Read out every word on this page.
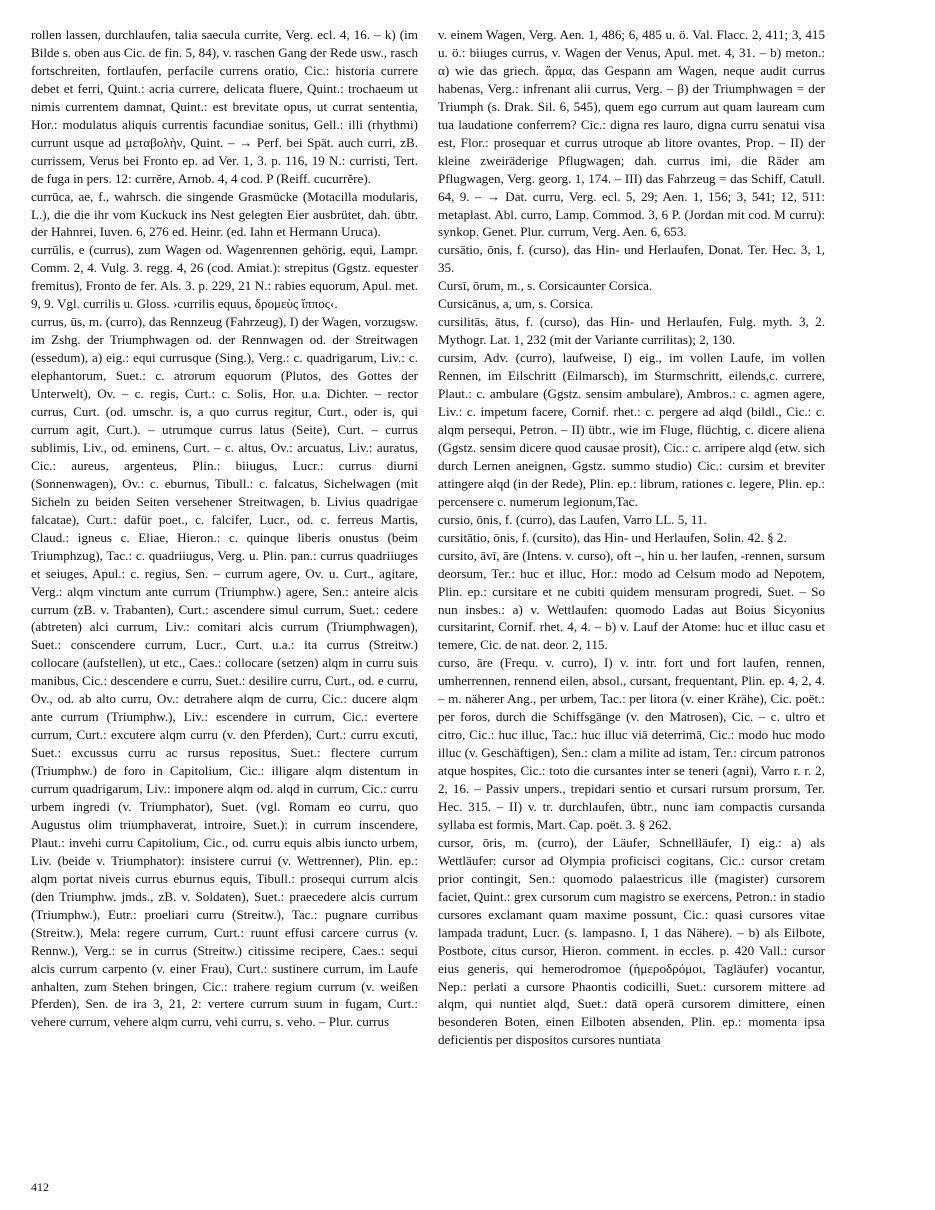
rollen lassen, durchlaufen, talia saecula currite, Verg. ecl. 4, 16. – k) (im Bilde s. oben aus Cic. de fin. 5, 84), v. raschen Gang der Rede usw., rasch fortschreiten, fortlaufen, perfacile currens oratio, Cic.: historia currere debet et ferri, Quint.: acria currere, delicata fluere, Quint.: trochaeum ut nimis currentem damnat, Quint.: est brevitate opus, ut currat sententia, Hor.: modulatus aliquis currentis facundiae sonitus, Gell.: illi (rhythmi) currunt usque ad μεταβολὴν, Quint. – → Perf. bei Spät. auch curri, zB. currissem, Verus bei Fronto ep. ad Ver. 1, 3. p. 116, 19 N.: curristi, Tert. de fuga in pers. 12: currĕre, Arnob. 4, 4 cod. P (Reiff. cucurrĕre).

currūca, ae, f., wahrsch. die singende Grasmücke (Motacilla modularis, L.), die die ihr vom Kuckuck ins Nest gelegten Eier ausbrütet, dah. übtr. der Hahnrei, Iuven. 6, 276 ed. Heinr. (ed. Iahn et Hermann Uruca).

currūlis, e (currus), zum Wagen od. Wagenrennen gehörig, equi, Lampr. Comm. 2, 4. Vulg. 3. regg. 4, 26 (cod. Amiat.): strepitus (Ggstz. equester fremitus), Fronto de fer. Als. 3. p. 229, 21 N.: rabies equorum, Apul. met. 9, 9. Vgl. currilis u. Gloss. ›currilis equus, δρομεὺς ἵππος‹.

currus, ūs, m. (curro), das Rennzeug (Fahrzeug), I) der Wagen, vorzugsw. im Zshg. der Triumphwagen od. der Rennwagen od. der Streitwagen (essedum), a) eig.: equi currusque (Sing.), Verg.: c. quadrigarum, Liv.: c. elephantorum, Suet.: c. atrorum equorum (Plutos, des Gottes der Unterwelt), Ov. – c. regis, Curt.: c. Solis, Hor. u.a. Dichter. – rector currus, Curt. (od. umschr. is, a quo currus regitur, Curt., oder is, qui currum agit, Curt.). – utrumque currus latus (Seite), Curt. – currus sublimis, Liv., od. eminens, Curt. – c. altus, Ov.: arcuatus, Liv.: auratus, Cic.: aureus, argenteus, Plin.: biiugus, Lucr.: currus diurni (Sonnenwagen), Ov.: c. eburnus, Tibull.: c. falcatus, Sichelwagen (mit Sicheln zu beiden Seiten versehener Streitwagen, b. Livius quadrigae falcatae), Curt.: dafür poet., c. falcifer, Lucr., od. c. ferreus Martis, Claud.: igneus c. Eliae, Hieron.: c. quinque liberis onustus (beim Triumphzug), Tac.: c. quadriiugus, Verg. u. Plin. pan.: currus quadriiuges et seiuges, Apul.: c. regius, Sen. – currum agere, Ov. u. Curt., agitare, Verg.: alqm vinctum ante currum (Triumphw.) agere, Sen.: anteire alcis currum (zB. v. Trabanten), Curt.: ascendere simul currum, Suet.: cedere (abtreten) alci currum, Liv.: comitari alcis currum (Triumphwagen), Suet.: conscendere currum, Lucr., Curt. u.a.: ita currus (Streitw.) collocare (aufstellen), ut etc., Caes.: collocare (setzen) alqm in curru suis manibus, Cic.: descendere e curru, Suet.: desilire curru, Curt., od. e curru, Ov., od. ab alto curru, Ov.: detrahere alqm de curru, Cic.: ducere alqm ante currum (Triumphw.), Liv.: escendere in currum, Cic.: evertere currum, Curt.: excutere alqm curru (v. den Pferden), Curt.: curru excuti, Suet.: excussus curru ac rursus repositus, Suet.: flectere currum (Triumphw.) de foro in Capitolium, Cic.: illigare alqm distentum in currum quadrigarum, Liv.: imponere alqm od. alqd in currum, Cic.: curru urbem ingredi (v. Triumphator), Suet. (vgl. Romam eo curru, quo Augustus olim triumphaverat, introire, Suet.): in currum inscendere, Plaut.: invehi curru Capitolium, Cic., od. curru equis albis iuncto urbem, Liv. (beide v. Triumphator): insistere currui (v. Wettrenner), Plin. ep.: alqm portat niveis currus eburnus equis, Tibull.: prosequi currum alcis (den Triumphw. jmds., zB. v. Soldaten), Suet.: praecedere alcis currum (Triumphw.), Eutr.: proeliari curru (Streitw.), Tac.: pugnare curribus (Streitw.), Mela: regere currum, Curt.: ruunt effusi carcere currus (v. Rennw.), Verg.: se in currus (Streitw.) citissime recipere, Caes.: sequi alcis currum carpento (v. einer Frau), Curt.: sustinere currum, im Laufe anhalten, zum Stehen bringen, Cic.: trahere regium currum (v. weißen Pferden), Sen. de ira 3, 21, 2: vertere currum suum in fugam, Curt.: vehere currum, vehere alqm curru, vehi curru, s. veho. – Plur. currus

v. einem Wagen, Verg. Aen. 1, 486; 6, 485 u. ö. Val. Flacc. 2, 411; 3, 415 u. ö.: biiuges currus, v. Wagen der Venus, Apul. met. 4, 31. – b) meton.: α) wie das griech. ἅρμα, das Gespann am Wagen, neque audit currus habenas, Verg.: infrenant alii currus, Verg. – β) der Triumphwagen = der Triumph (s. Drak. Sil. 6, 545), quem ego currum aut quam lauream cum tua laudatione conferrem? Cic.: digna res lauro, digna curru senatui visa est, Flor.: prosequar et currus utroque ab litore ovantes, Prop. – II) der kleine zweiräderige Pflugwagen; dah. currus imi, die Räder am Pflugwagen, Verg. georg. 1, 174. – III) das Fahrzeug = das Schiff, Catull. 64, 9. – → Dat. curru, Verg. ecl. 5, 29; Aen. 1, 156; 3, 541; 12, 511: metaplast. Abl. curro, Lamp. Commod. 3, 6 P. (Jordan mit cod. M curru): synkop. Genet. Plur. currum, Verg. Aen. 6, 653.

cursātio, ōnis, f. (curso), das Hin- und Herlaufen, Donat. Ter. Hec. 3, 1, 35.

Cursī, ōrum, m., s. Corsicaunter Corsica.

Cursicānus, a, um, s. Corsica.

cursilitās, ātus, f. (curso), das Hin- und Herlaufen, Fulg. myth. 3, 2. Mythogr. Lat. 1, 232 (mit der Variante currilitas); 2, 130.

cursim, Adv. (curro), laufweise, I) eig., im vollen Laufe, im vollen Rennen, im Eilschritt (Eilmarsch), im Sturmschritt, eilends,c. currere, Plaut.: c. ambulare (Ggstz. sensim ambulare), Ambros.: c. agmen agere, Liv.: c. impetum facere, Cornif. rhet.: c. pergere ad alqd (bildl., Cic.: c. alqm persequi, Petron. – II) übtr., wie im Fluge, flüchtig, c. dicere aliena (Ggstz. sensim dicere quod causae prosit), Cic.: c. arripere alqd (etw. sich durch Lernen aneignen, Ggstz. summo studio) Cic.: cursim et breviter attingere alqd (in der Rede), Plin. ep.: librum, rationes c. legere, Plin. ep.: percensere c. numerum legionum,Tac.

cursio, ōnis, f. (curro), das Laufen, Varro LL. 5, 11.

cursitātio, ōnis, f. (cursito), das Hin- und Herlaufen, Solin. 42. § 2.

cursito, āvī, āre (Intens. v. curso), oft –, hin u. her laufen, -rennen, sursum deorsum, Ter.: huc et illuc, Hor.: modo ad Celsum modo ad Nepotem, Plin. ep.: cursitare et ne cubiti quidem mensuram progredi, Suet. – So nun insbes.: a) v. Wettlaufen: quomodo Ladas aut Boius Sicyonius cursitarint, Cornif. rhet. 4, 4. – b) v. Lauf der Atome: huc et illuc casu et temere, Cic. de nat. deor. 2, 115.

curso, āre (Frequ. v. curro), I) v. intr. fort und fort laufen, rennen, umherrennen, rennend eilen, absol., cursant, frequentant, Plin. ep. 4, 2, 4. – m. näherer Ang., per urbem, Tac.: per litora (v. einer Krähe), Cic. poët.: per foros, durch die Schiffsgänge (v. den Matrosen), Cic. – c. ultro et citro, Cic.: huc illuc, Tac.: huc illuc viā deterrimā, Cic.: modo huc modo illuc (v. Geschäftigen), Sen.: clam a milite ad istam, Ter.: circum patronos atque hospites, Cic.: toto die cursantes inter se teneri (agni), Varro r. r. 2, 2, 16. – Passiv unpers., trepidari sentio et cursari rursum prorsum, Ter. Hec. 315. – II) v. tr. durchlaufen, übtr., nunc iam compactis cursanda syllaba est formis, Mart. Cap. poët. 3. § 262.

cursor, ōris, m. (curro), der Läufer, Schnellläufer, I) eig.: a) als Wettläufer: cursor ad Olympia proficisci cogitans, Cic.: cursor cretam prior contingit, Sen.: quomodo palaestricus ille (magister) cursorem faciet, Quint.: grex cursorum cum magistro se exercens, Petron.: in stadio cursores exclamant quam maxime possunt, Cic.: quasi cursores vitae lampada tradunt, Lucr. (s. lampasno. I, 1 das Nähere). – b) als Eilbote, Postbote, citus cursor, Hieron. comment. in eccles. p. 420 Vall.: cursor eius generis, qui hemerodromoe (ἡμεροδρόμοι, Tagläufer) vocantur, Nep.: perlati a cursore Phaontis codicilli, Suet.: cursorem mittere ad alqm, qui nuntiet alqd, Suet.: datā operā cursorem dimittere, einen besonderen Boten, einen Eilboten absenden, Plin. ep.: momenta ipsa deficientis per dispositos cursores nuntiata

412
